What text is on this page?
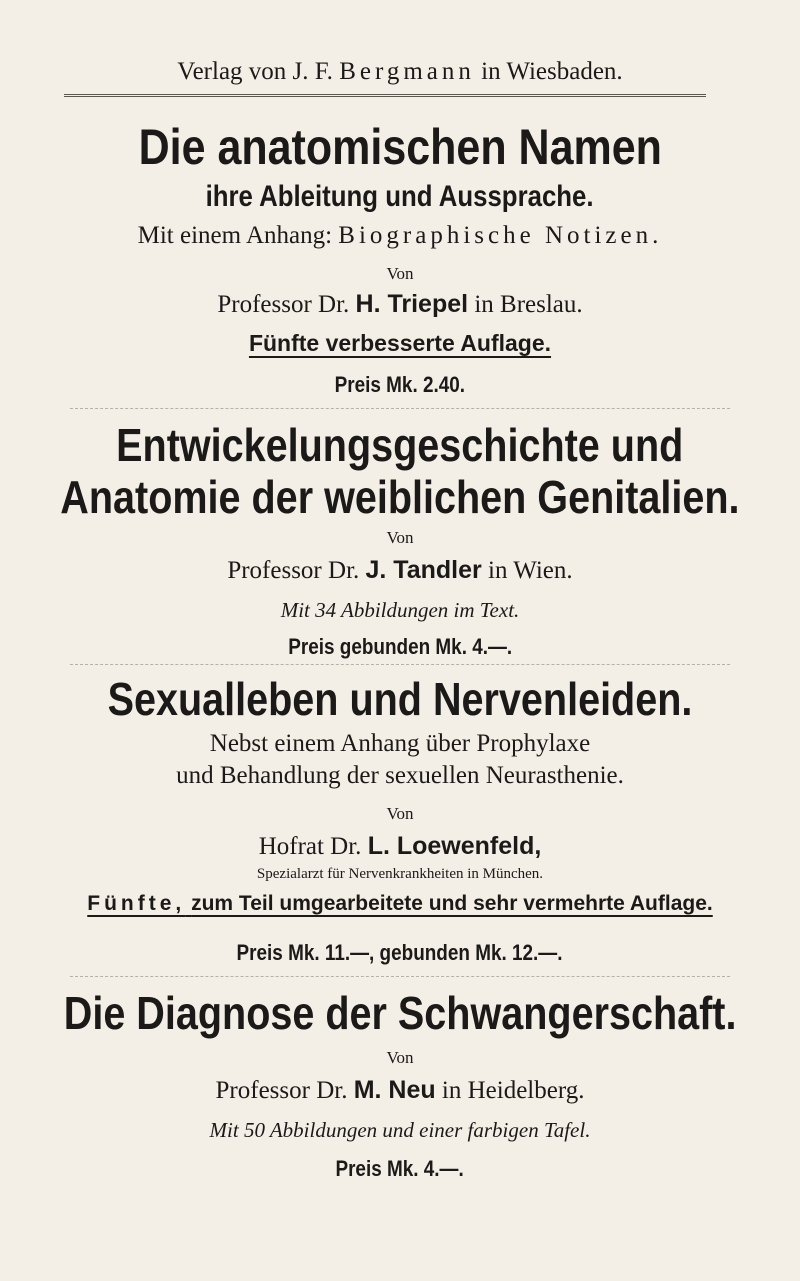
Verlag von J. F. Bergmann in Wiesbaden.
Die anatomischen Namen
ihre Ableitung und Aussprache.
Mit einem Anhang: Biographische Notizen.
Von
Professor Dr. H. Triepel in Breslau.
Fünfte verbesserte Auflage.
Preis Mk. 2.40.
Entwickelungsgeschichte und
Anatomie der weiblichen Genitalien.
Von
Professor Dr. J. Tandler in Wien.
Mit 34 Abbildungen im Text.
Preis gebunden Mk. 4.—.
Sexualleben und Nervenleiden.
Nebst einem Anhang über Prophylaxe
und Behandlung der sexuellen Neurasthenie.
Von
Hofrat Dr. L. Loewenfeld,
Spezialarzt für Nervenkrankheiten in München.
Fünfte, zum Teil umgearbeitete und sehr vermehrte Auflage.
Preis Mk. 11.—, gebunden Mk. 12.—.
Die Diagnose der Schwangerschaft.
Von
Professor Dr. M. Neu in Heidelberg.
Mit 50 Abbildungen und einer farbigen Tafel.
Preis Mk. 4.—.
